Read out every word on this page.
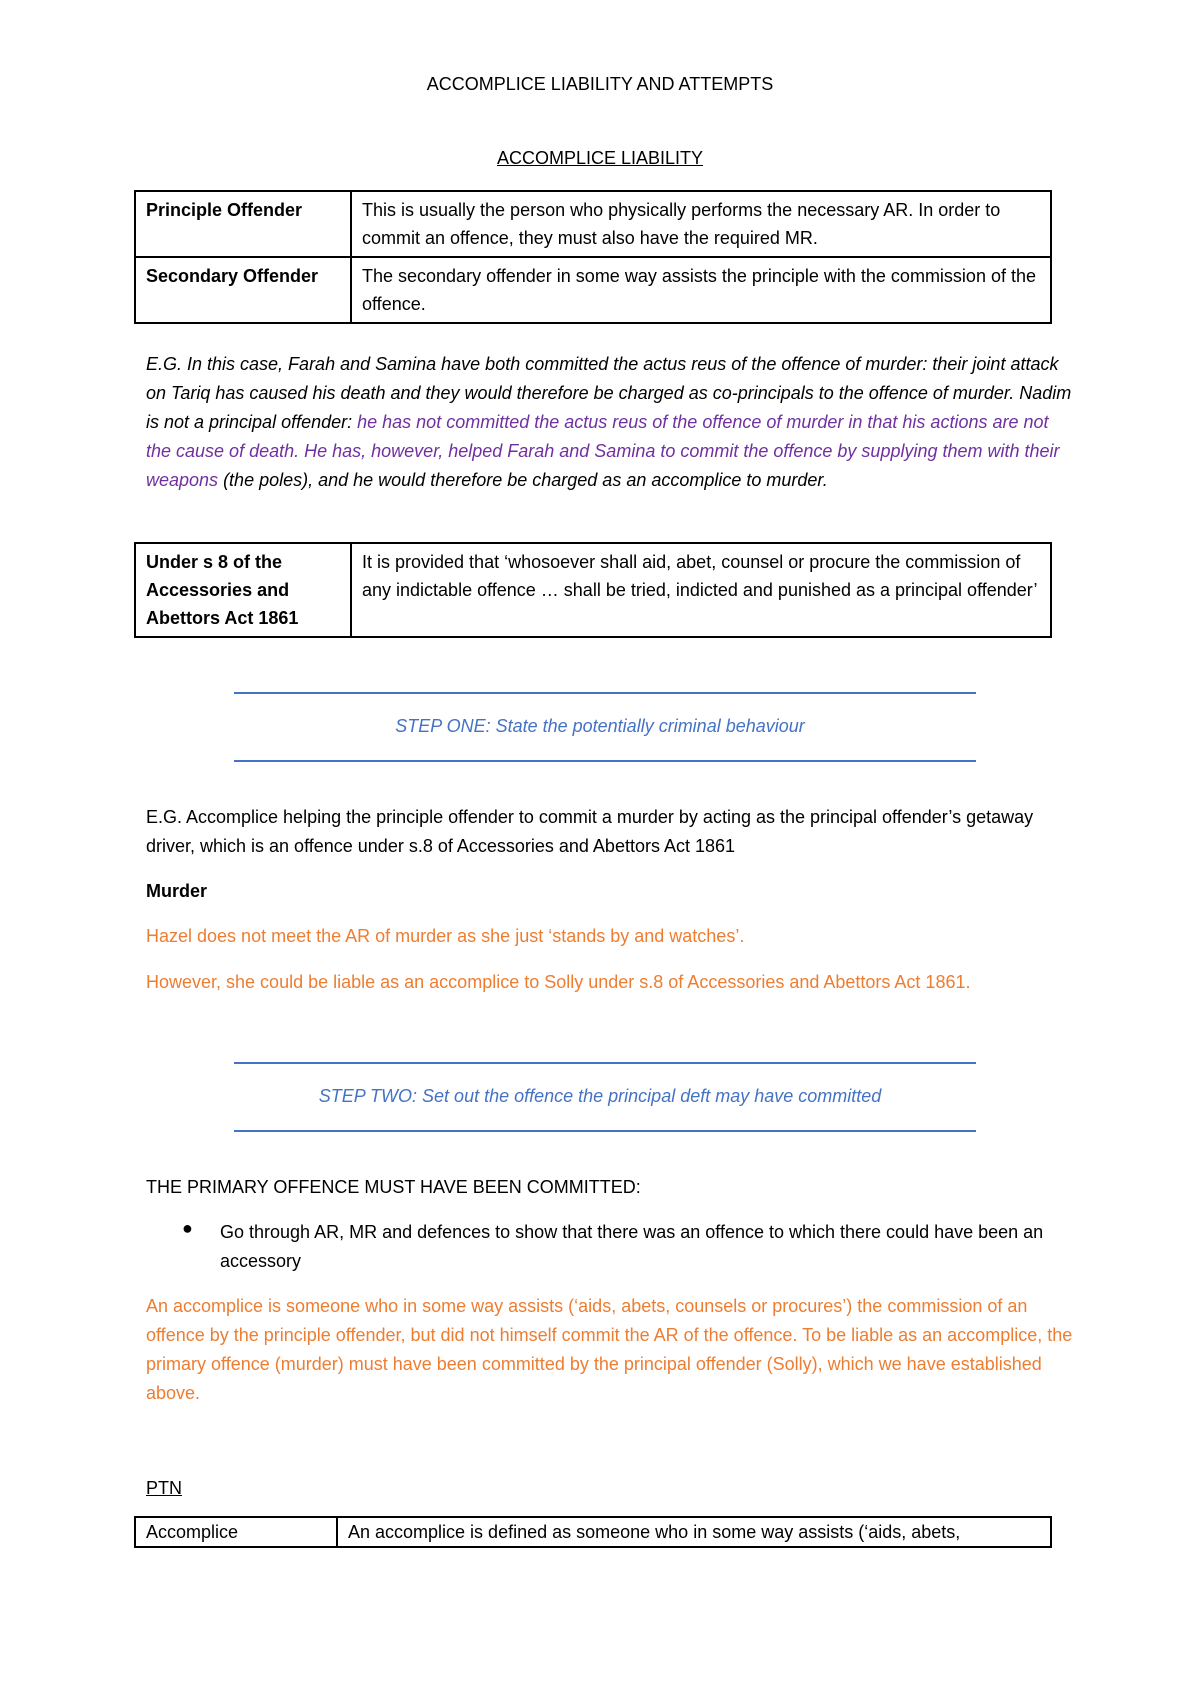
ACCOMPLICE LIABILITY AND ATTEMPTS
ACCOMPLICE LIABILITY
Principle Offender	This is usually the person who physically performs the necessary AR. In order to commit an offence, they must also have the required MR.
Secondary Offender	The secondary offender in some way assists the principle with the commission of the offence.
E.G. In this case, Farah and Samina have both committed the actus reus of the offence of murder: their joint attack on Tariq has caused his death and they would therefore be charged as co-principals to the offence of murder. Nadim is not a principal offender: he has not committed the actus reus of the offence of murder in that his actions are not the cause of death. He has, however, helped Farah and Samina to commit the offence by supplying them with their weapons (the poles), and he would therefore be charged as an accomplice to murder.
Under s 8 of the Accessories and Abettors Act 1861	It is provided that ‘whosoever shall aid, abet, counsel or procure the commission of any indictable offence … shall be tried, indicted and punished as a principal offender’
STEP ONE: State the potentially criminal behaviour
E.G. Accomplice helping the principle offender to commit a murder by acting as the principal offender’s getaway driver, which is an offence under s.8 of Accessories and Abettors Act 1861
Murder
Hazel does not meet the AR of murder as she just ‘stands by and watches’.
However, she could be liable as an accomplice to Solly under s.8 of Accessories and Abettors Act 1861.
STEP TWO: Set out the offence the principal deft may have committed
THE PRIMARY OFFENCE MUST HAVE BEEN COMMITTED:
● Go through AR, MR and defences to show that there was an offence to which there could have been an accessory
An accomplice is someone who in some way assists (‘aids, abets, counsels or procures’) the commission of an offence by the principle offender, but did not himself commit the AR of the offence. To be liable as an accomplice, the primary offence (murder) must have been committed by the principal offender (Solly), which we have established above.
PTN
Accomplice	An accomplice is defined as someone who in some way assists (‘aids, abets,
